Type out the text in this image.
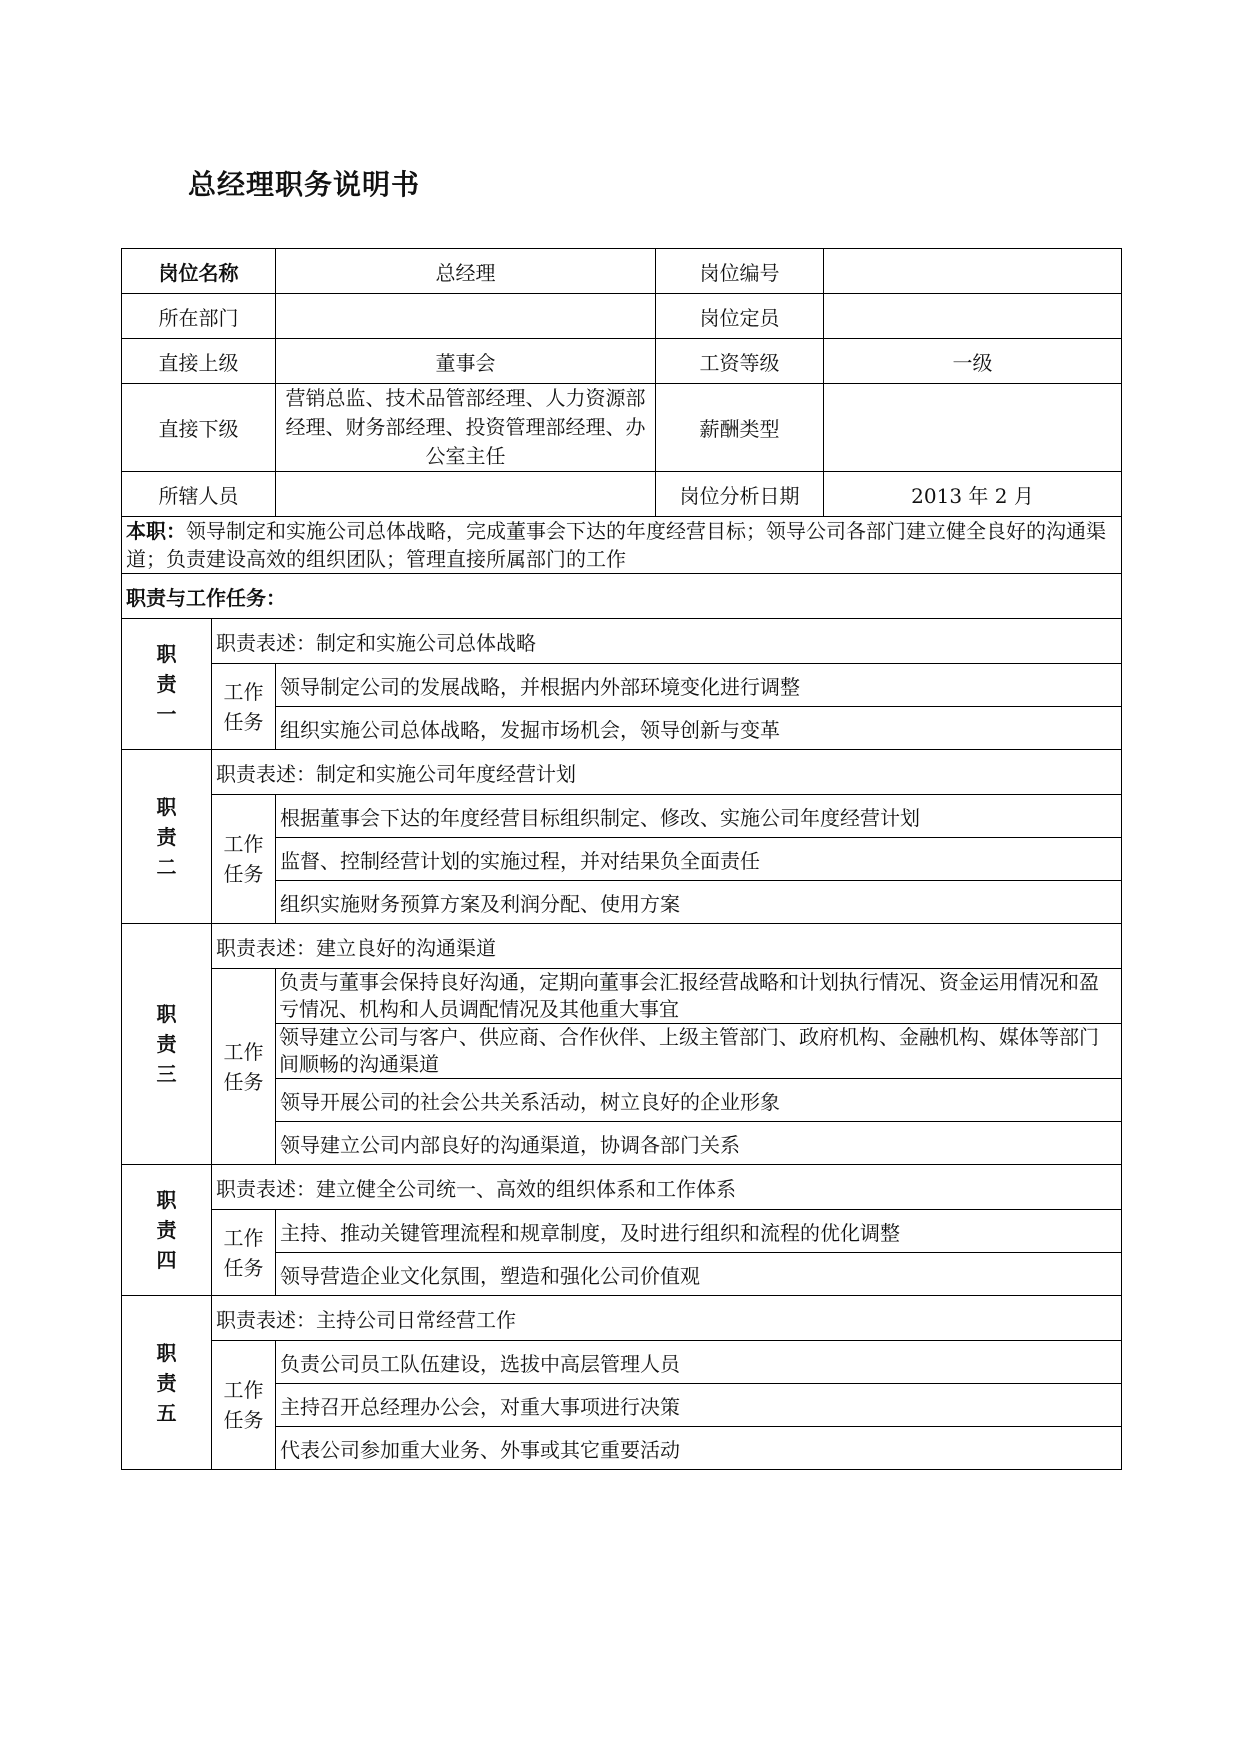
总经理职务说明书
岗位名称		总经理	岗位编号	
所在部门			岗位定员	
直接上级		董事会	工资等级	一级
直接下级		营销总监、技术品管部经理、人力资源部经理、财务部经理、投资管理部经理、办公室主任	薪酬类型	
所辖人员			岗位分析日期	2013 年 2 月
本职：领导制定和实施公司总体战略，完成董事会下达的年度经营目标；领导公司各部门建立健全良好的沟通渠道；负责建设高效的组织团队；管理直接所属部门的工作				
职责与工作任务：				

职
责
一	职责表述：制定和实施公司总体战略			

	工作
任务	领导制定公司的发展战略，并根据内外部环境变化进行调整		
		组织实施公司总体战略，发掘市场机会，领导创新与变革		

职
责
二	职责表述：制定和实施公司年度经营计划			

	工作
任务	根据董事会下达的年度经营目标组织制定、修改、实施公司年度经营计划		
		监督、控制经营计划的实施过程，并对结果负全面责任		
		组织实施财务预算方案及利润分配、使用方案		

职
责
三	职责表述：建立良好的沟通渠道			

	工作
任务	负责与董事会保持良好沟通，定期向董事会汇报经营战略和计划执行情况、资金运用情况和盈亏情况、机构和人员调配情况及其他重大事宜		
		领导建立公司与客户、供应商、合作伙伴、上级主管部门、政府机构、金融机构、媒体等部门间顺畅的沟通渠道		
		领导开展公司的社会公共关系活动，树立良好的企业形象		
		领导建立公司内部良好的沟通渠道，协调各部门关系		

职
责
四	职责表述：建立健全公司统一、高效的组织体系和工作体系			

	工作
任务	主持、推动关键管理流程和规章制度，及时进行组织和流程的优化调整		
		领导营造企业文化氛围，塑造和强化公司价值观		

职
责
五	职责表述：主持公司日常经营工作			

	工作
任务	负责公司员工队伍建设，选拔中高层管理人员		
		主持召开总经理办公会，对重大事项进行决策		
		代表公司参加重大业务、外事或其它重要活动		
